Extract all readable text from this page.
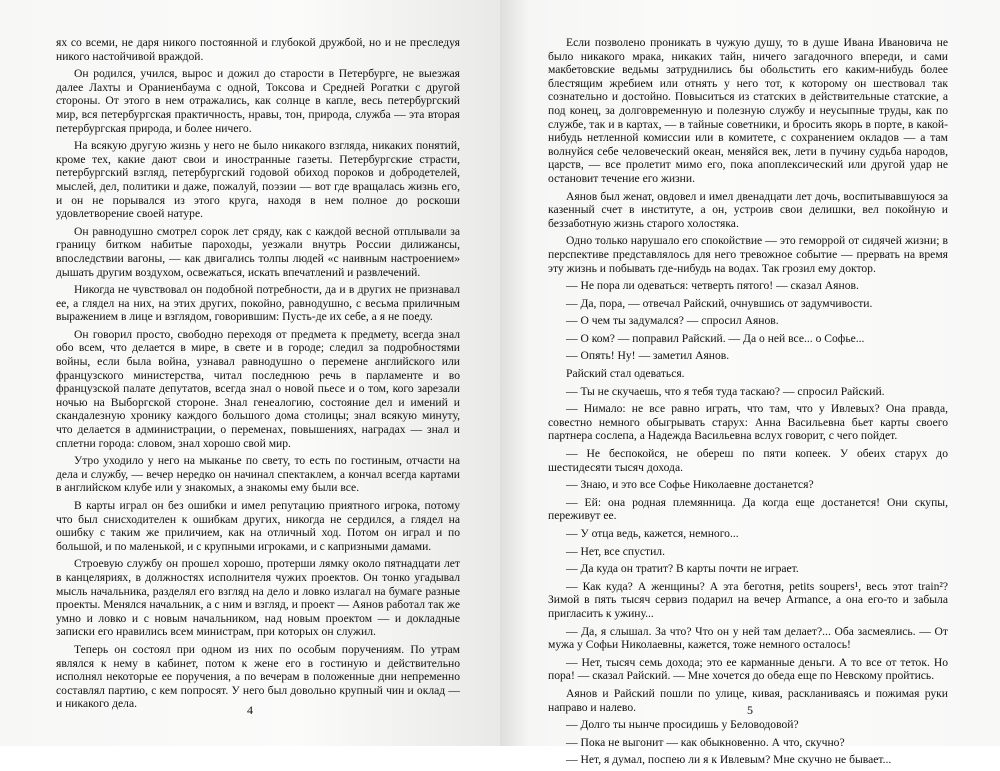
ях со всеми, не даря никого постоянной и глубокой дружбой, но и не преследуя никого настойчивой враждой.

Он родился, учился, вырос и дожил до старости в Петербурге, не выезжая далее Лахты и Ораниенбаума с одной, Токсова и Средней Рогатки с другой стороны. От этого в нем отражались, как солнце в капле, весь петербургский мир, вся петербургская практичность, нравы, тон, природа, служба — эта вторая петербургская природа, и более ничего.

На всякую другую жизнь у него не было никакого взгляда, никаких понятий, кроме тех, какие дают свои и иностранные газеты. Петербургские страсти, петербургский взгляд, петербургский годовой обиход пороков и добродетелей, мыслей, дел, политики и даже, пожалуй, поэзии — вот где вращалась жизнь его, и он не порывался из этого круга, находя в нем полное до роскоши удовлетворение своей натуре.

Он равнодушно смотрел сорок лет сряду, как с каждой весной отплывали за границу битком набитые пароходы, уезжали внутрь России дилижансы, впоследствии вагоны, — как двигались толпы людей «с наивным настроением» дышать другим воздухом, освежаться, искать впечатлений и развлечений.

Никогда не чувствовал он подобной потребности, да и в других не признавал ее, а глядел на них, на этих других, покойно, равнодушно, с весьма приличным выражением в лице и взглядом, говорившим: Пусть-де их себе, а я не поеду.

Он говорил просто, свободно переходя от предмета к предмету, всегда знал обо всем, что делается в мире, в свете и в городе; следил за подробностями войны, если была война, узнавал равнодушно о перемене английского или французского министерства, читал последнюю речь в парламенте и во французской палате депутатов, всегда знал о новой пьесе и о том, кого зарезали ночью на Выборгской стороне. Знал генеалогию, состояние дел и имений и скандалезную хронику каждого большого дома столицы; знал всякую минуту, что делается в администрации, о переменах, повышениях, наградах — знал и сплетни города: словом, знал хорошо свой мир.

Утро уходило у него на мыканье по свету, то есть по гостиным, отчасти на дела и службу, — вечер нередко он начинал спектаклем, а кончал всегда картами в английском клубе или у знакомых, а знакомы ему были все.

В карты играл он без ошибки и имел репутацию приятного игрока, потому что был снисходителен к ошибкам других, никогда не сердился, а глядел на ошибку с таким же приличием, как на отличный ход. Потом он играл и по большой, и по маленькой, и с крупными игроками, и с капризными дамами.

Строевую службу он прошел хорошо, протерши лямку около пятнадцати лет в канцеляриях, в должностях исполнителя чужих проектов. Он тонко угадывал мысль начальника, разделял его взгляд на дело и ловко излагал на бумаге разные проекты. Менялся начальник, а с ним и взгляд, и проект — Аянов работал так же умно и ловко и с новым начальником, над новым проектом — и докладные записки его нравились всем министрам, при которых он служил.

Теперь он состоял при одном из них по особым поручениям. По утрам являлся к нему в кабинет, потом к жене его в гостиную и действительно исполнял некоторые ее поручения, а по вечерам в положенные дни непременно составлял партию, с кем попросят. У него был довольно крупный чин и оклад — и никакого дела.	4

Если позволено проникать в чужую душу, то в душе Ивана Ивановича не было никакого мрака, никаких тайн, ничего загадочного впереди, и сами макбетовские ведьмы затруднились бы обольстить его каким-нибудь более блестящим жребием или отнять у него тот, к которому он шествовал так сознательно и достойно. Повыситься из статских в действительные статские, а под конец, за долговременную и полезную службу и неусыпные труды, как по службе, так и в картах, — в тайные советники, и бросить якорь в порте, в какой-нибудь нетленной комиссии или в комитете, с сохранением окладов — а там волнуйся себе человеческий океан, меняйся век, лети в пучину судьба народов, царств, — все пролетит мимо его, пока апоплексический или другой удар не остановит течение его жизни.

Аянов был женат, овдовел и имел двенадцати лет дочь, воспитывавшуюся за казенный счет в институте, а он, устроив свои делишки, вел покойную и беззаботную жизнь старого холостяка.

Одно только нарушало его спокойствие — это геморрой от сидячей жизни; в перспективе представлялось для него тревожное событие — прервать на время эту жизнь и побывать где-нибудь на водах. Так грозил ему доктор.

— Не пора ли одеваться: четверть пятого! — сказал Аянов.

— Да, пора, — отвечал Райский, очнувшись от задумчивости.

— О чем ты задумался? — спросил Аянов.

— О ком? — поправил Райский. — Да о ней все... о Софье...

— Опять! Ну! — заметил Аянов.

Райский стал одеваться.

— Ты не скучаешь, что я тебя туда таскаю? — спросил Райский.

— Нимало: не все равно играть, что там, что у Ивлевых? Она правда, совестно немного обыгрывать старух: Анна Васильевна бьет карты своего партнера сослепа, а Надежда Васильевна вслух говорит, с чего пойдет.

— Не беспокойся, не обереш по пяти копеек. У обеих старух до шестидесяти тысяч дохода.

— Знаю, и это все Софье Николаевне достанется?

— Ей: она родная племянница. Да когда еще достанется! Они скупы, переживут ее.

— У отца ведь, кажется, немного...

— Нет, все спустил.

— Да куда он тратит? В карты почти не играет.

— Как куда? А женщины? А эта беготня, petits soupers¹, весь этот train²? Зимой в пять тысяч сервиз подарил на вечер Armance, а она его-то и забыла пригласить к ужину...

— Да, я слышал. За что? Что он у ней там делает?... Оба засмеялись. — От мужа у Софьи Николаевны, кажется, тоже немного осталось!

— Нет, тысяч семь дохода; это ее карманные деньги. А то все от теток. Но пора! — сказал Райский. — Мне хочется до обеда еще по Невскому пройтись.

Аянов и Райский пошли по улице, кивая, раскланиваясь и пожимая руки направо и налево.

— Долго ты нынче просидишь у Беловодовой?

— Пока не выгонит — как обыкновенно. А что, скучно?

— Нет, я думал, поспею ли я к Ивлевым? Мне скучно не бывает...

5
